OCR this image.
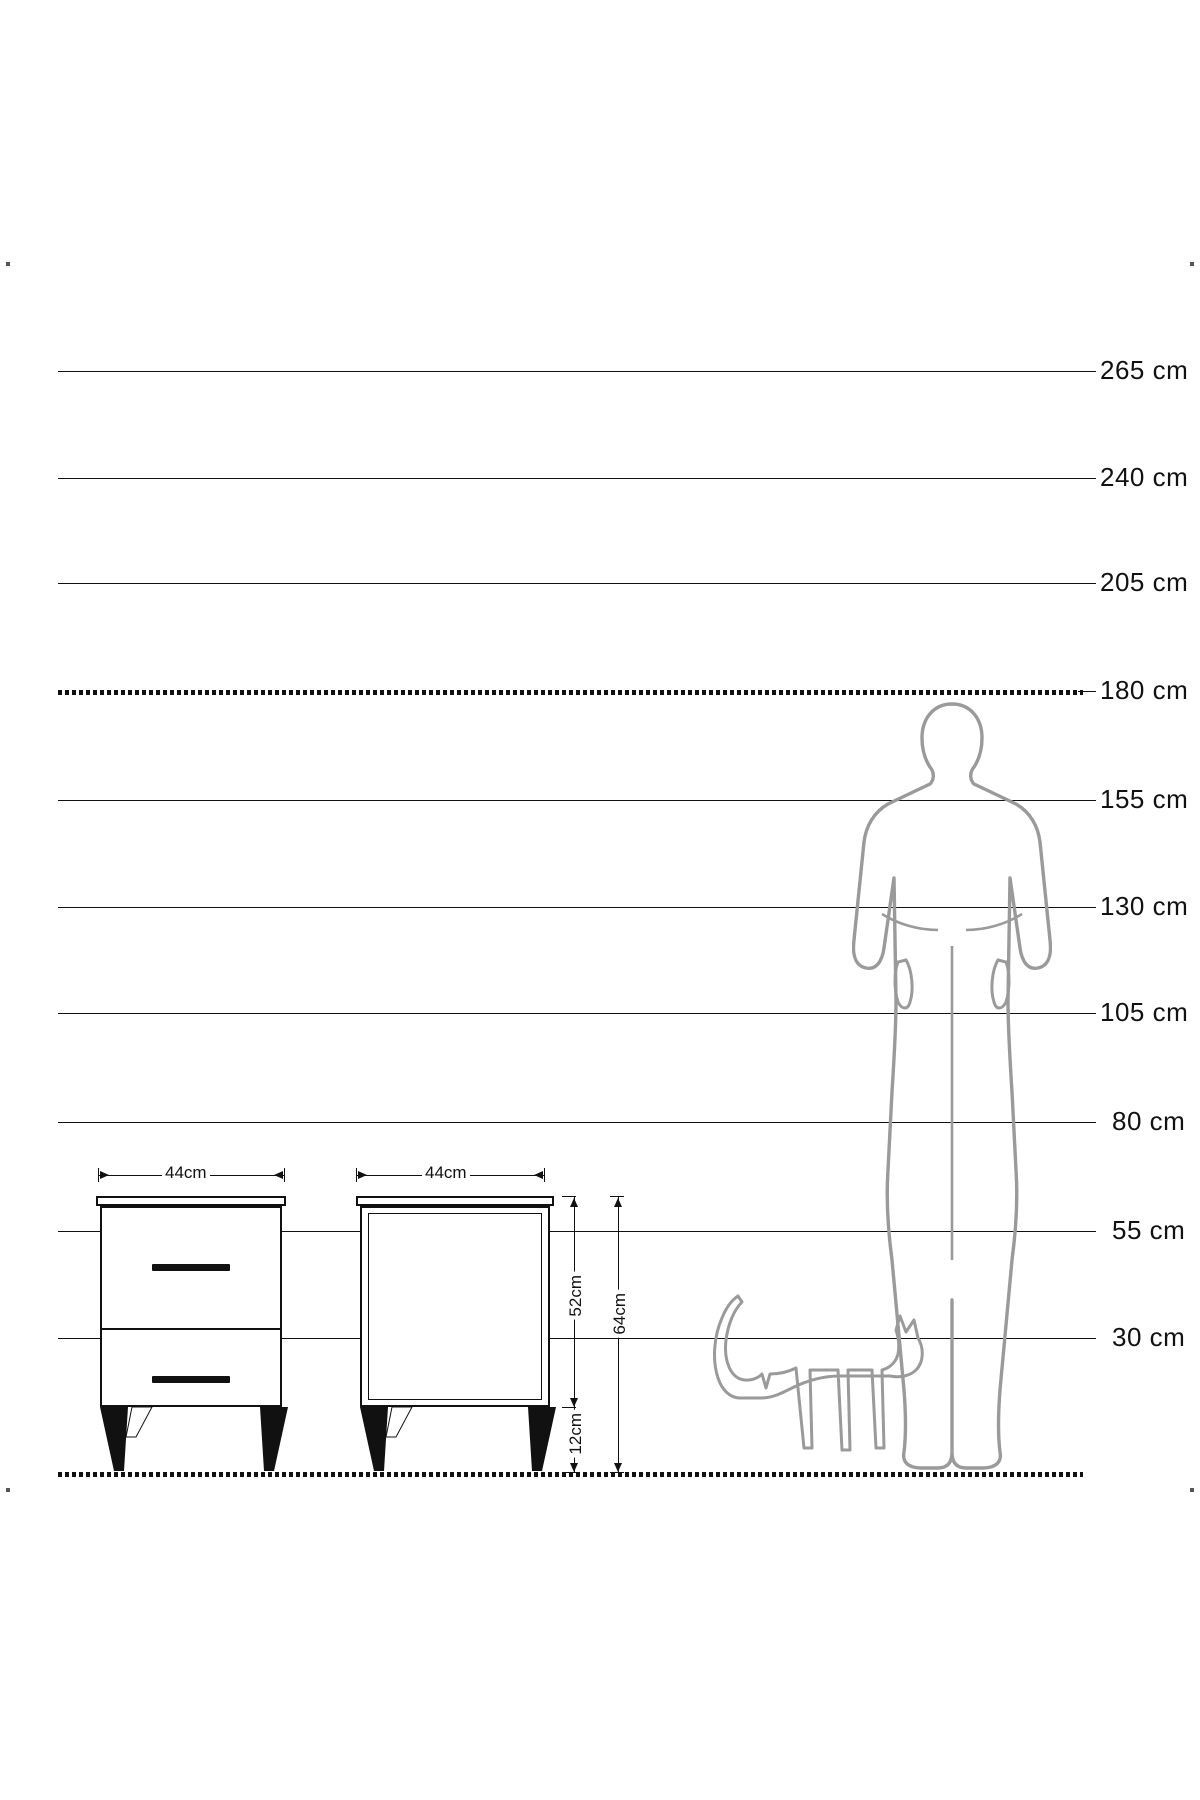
265 cm
240 cm
205 cm
180 cm
155 cm
130 cm
105 cm
80 cm
55 cm
30 cm
44cm	44cm
52cm
12cm
64cm
